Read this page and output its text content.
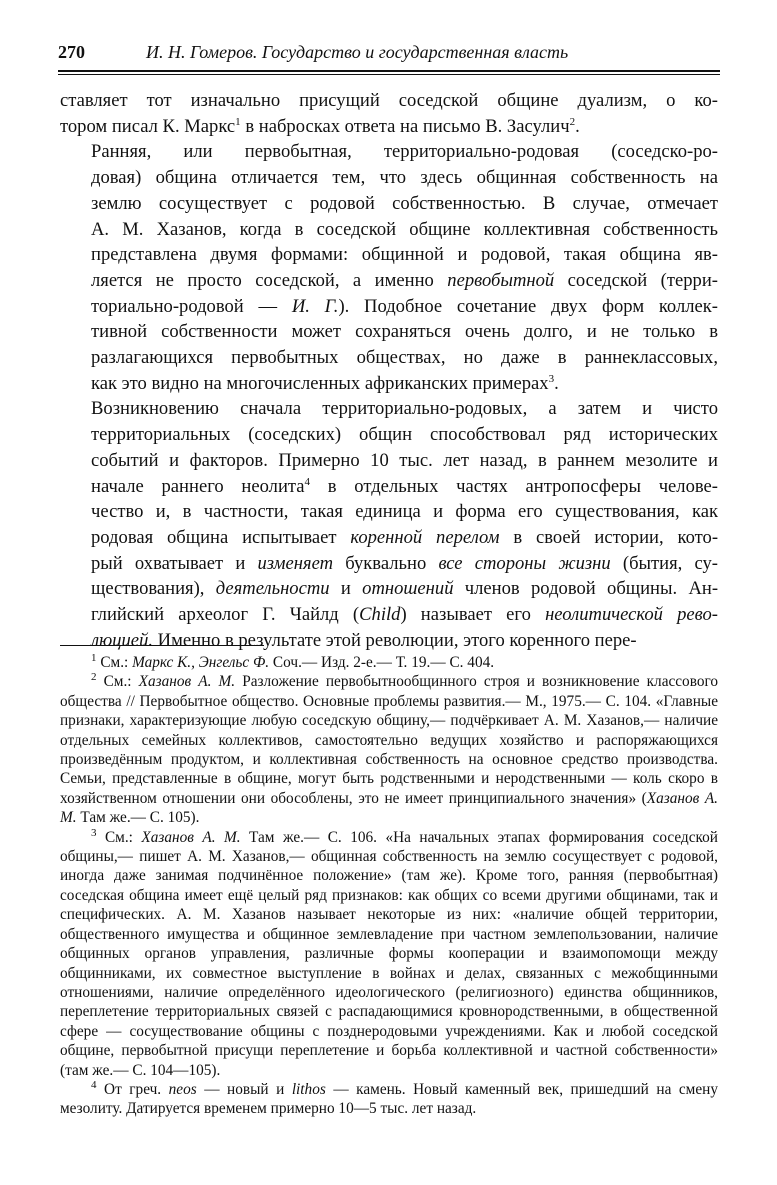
270	И. Н. Гомеров. Государство и государственная власть

ставляет тот изначально присущий соседской общине дуализм, о ко-
тором писал К. Маркс$^1$ в набросках ответа на письмо В. Засулич$^2$.

Ранняя, или первобытная, территориально-родовая (соседско-ро-
довая) община отличается тем, что здесь общинная собственность на
землю сосуществует с родовой собственностью. В случае, отмечает
А. М. Хазанов, когда в соседской общине коллективная собственность
представлена двумя формами: общинной и родовой, такая община яв-
ляется не просто соседской, а именно первобытной соседской (терри-
ториально-родовой — И. Г.). Подобное сочетание двух форм коллек-
тивной собственности может сохраняться очень долго, и не только в
разлагающихся первобытных обществах, но даже в раннеклассовых,
как это видно на многочисленных африканских примерах$^3$.

Возникновению сначала территориально-родовых, а затем и чисто
территориальных (соседских) общин способствовал ряд исторических
событий и факторов. Примерно 10 тыс. лет назад, в раннем мезолите и
начале раннего неолита$^4$ в отдельных частях антропосферы челове-
чество и, в частности, такая единица и форма его существования, как
родовая община испытывает коренной перелом в своей истории, кото-
рый охватывает и изменяет буквально все стороны жизни (бытия, су-
ществования), деятельности и отношений членов родовой общины. Ан-
глийский археолог Г. Чайлд (Child) называет его неолитической рево-
люцией. Именно в результате этой революции, этого коренного пере-

$^1$ См.: Маркс К., Энгельс Ф. Соч.— Изд. 2-е.— Т. 19.— С. 404.

$^2$ См.: Хазанов А. М. Разложение первобытнообщинного строя и возникновение классового общества // Первобытное общество. Основные проблемы развития.— М., 1975.— С. 104. «Главные признаки, характеризующие любую соседскую общину,— подчёркивает А. М. Хазанов,— наличие отдельных семейных коллективов, самостоятельно ведущих хозяйство и распоряжающихся произведённым продуктом, и коллективная собственность на основное средство производства. Семьи, представленные в общине, могут быть родственными и неродственными — коль скоро в хозяйственном отношении они обособлены, это не имеет принципиального значения» (Хазанов А. М. Там же.— С. 105).

$^3$ См.: Хазанов А. М. Там же.— С. 106. «На начальных этапах формирования соседской общины,— пишет А. М. Хазанов,— общинная собственность на землю сосуществует с родовой, иногда даже занимая подчинённое положение» (там же). Кроме того, ранняя (первобытная) соседская община имеет ещё целый ряд признаков: как общих со всеми другими общинами, так и специфических. А. М. Хазанов называет некоторые из них: «наличие общей территории, общественного имущества и общинное землевладение при частном землепользовании, наличие общинных органов управления, различные формы кооперации и взаимопомощи между общинниками, их совместное выступление в войнах и делах, связанных с межобщинными отношениями, наличие определённого идеологического (религиозного) единства общинников, переплетение территориальных связей с распадающимися кровнородственными, в общественной сфере — сосуществование общины с позднеродовыми учреждениями. Как и любой соседской общине, первобытной присущи переплетение и борьба коллективной и частной собственности» (там же.— С. 104—105).

$^4$ От греч. neos — новый и lithos — камень. Новый каменный век, пришедший на смену мезолиту. Датируется временем примерно 10—5 тыс. лет назад.
